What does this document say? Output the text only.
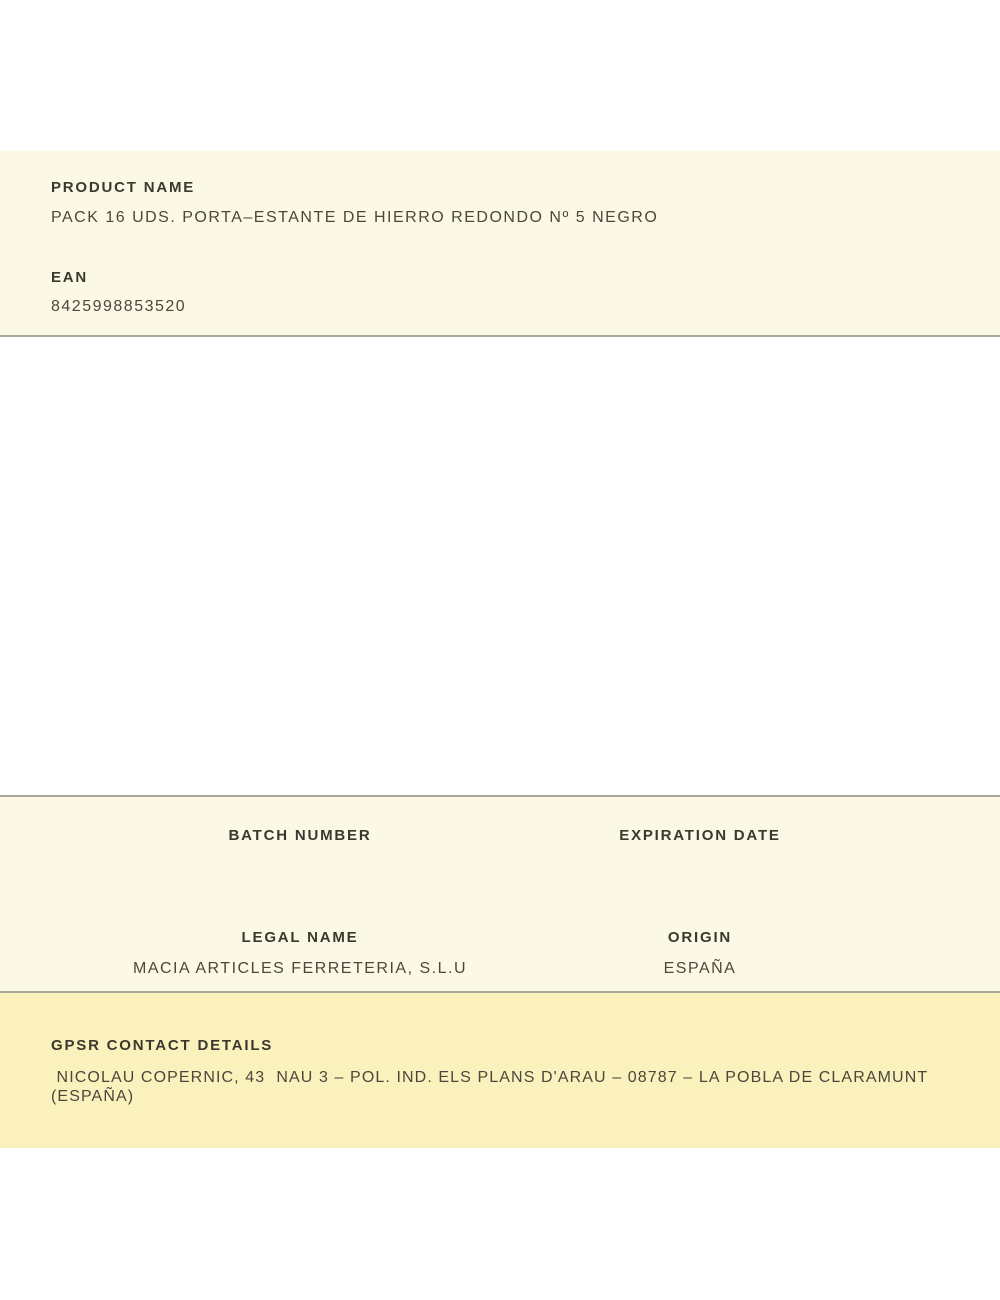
PRODUCT NAME
PACK 16 UDS. PORTA–ESTANTE DE HIERRO REDONDO Nº 5 NEGRO
EAN
8425998853520
BATCH NUMBER	EXPIRATION DATE
LEGAL NAME
MACIA ARTICLES FERRETERIA, S.L.U
ORIGIN
ESPAÑA
GPSR CONTACT DETAILS
NICOLAU COPERNIC, 43  NAU 3 – POL. IND. ELS PLANS D'ARAU – 08787 – LA POBLA DE CLARAMUNT (ESPAÑA)
